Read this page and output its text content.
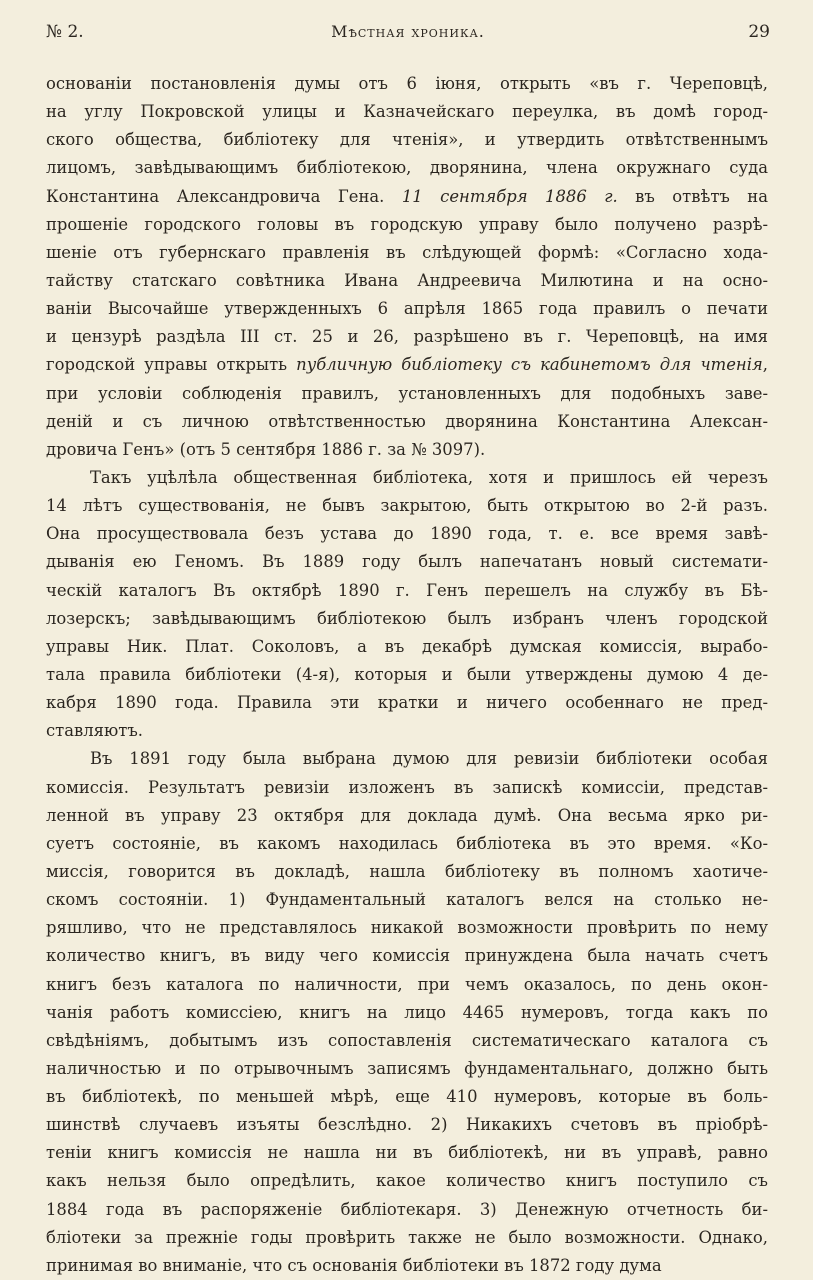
№ 2.	Мѣстная хроника.	29
основаніи постановленія думы отъ 6 іюня, открыть «въ г. Череповцѣ,
на углу Покровской улицы и Казначейскаго переулка, въ домѣ город-
ского общества, библіотеку для чтенія», и утвердить отвѣтственнымъ
лицомъ, завѣдывающимъ библіотекою, дворянина, члена окружнаго суда
Константина Александровича Гена. 11 сентября 1886 г. въ отвѣтъ на
прошеніе городского головы въ городскую управу было получено разрѣ-
шеніе отъ губернскаго правленія въ слѣдующей формѣ: «Согласно хода-
тайству статскаго совѣтника Ивана Андреевича Милютина и на осно-
ваніи Высочайше утвержденныхъ 6 апрѣля 1865 года правилъ о печати
и цензурѣ раздѣла III ст. 25 и 26, разрѣшено въ г. Череповцѣ, на имя
городской управы открыть публичную библіотеку съ кабинетомъ для чтенія,
при условіи соблюденія правилъ, установленныхъ для подобныхъ заве-
деній и съ личною отвѣтственностью дворянина Константина Алексан-
дровича Генъ» (отъ 5 сентября 1886 г. за № 3097).
Такъ уцѣлѣла общественная библіотека, хотя и пришлось ей черезъ
14 лѣтъ существованія, не бывъ закрытою, быть открытою во 2-й разъ.
Она просуществовала безъ устава до 1890 года, т. е. все время завѣ-
дыванія ею Геномъ. Въ 1889 году былъ напечатанъ новый системати-
ческій каталогъ Въ октябрѣ 1890 г. Генъ перешелъ на службу въ Бѣ-
лозерскъ; завѣдывающимъ библіотекою былъ избранъ членъ городской
управы Ник. Плат. Соколовъ, а въ декабрѣ думская комиссія, вырабо-
тала правила библіотеки (4-я), которыя и были утверждены думою 4 де-
кабря 1890 года. Правила эти кратки и ничего особеннаго не пред-
ставляютъ.
Въ 1891 году была выбрана думою для ревизіи библіотеки особая
комиссія. Результатъ ревизіи изложенъ въ запискѣ комиссіи, представ-
ленной въ управу 23 октября для доклада думѣ. Она весьма ярко ри-
суетъ состояніе, въ какомъ находилась библіотека въ это время. «Ко-
миссія, говорится въ докладѣ, нашла библіотеку въ полномъ хаотиче-
скомъ состояніи. 1) Фундаментальный каталогъ велся на столько не-
ряшливо, что не представлялось никакой возможности провѣрить по нему
количество книгъ, въ виду чего комиссія принуждена была начать счетъ
книгъ безъ каталога по наличности, при чемъ оказалось, по день окон-
чанія работъ комиссіею, книгъ на лицо 4465 нумеровъ, тогда какъ по
свѣдѣніямъ, добытымъ изъ сопоставленія систематическаго каталога съ
наличностью и по отрывочнымъ записямъ фундаментальнаго, должно быть
въ библіотекѣ, по меньшей мѣрѣ, еще 410 нумеровъ, которые въ боль-
шинствѣ случаевъ изъяты безслѣдно. 2) Никакихъ счетовъ въ пріобрѣ-
теніи книгъ комиссія не нашла ни въ библіотекѣ, ни въ управѣ, равно
какъ нельзя было опредѣлить, какое количество книгъ поступило съ
1884 года въ распоряженіе библіотекаря. 3) Денежную отчетность би-
бліотеки за прежніе годы провѣрить также не было возможности. Однако,
принимая во вниманіе, что съ основанія библіотеки въ 1872 году дума
